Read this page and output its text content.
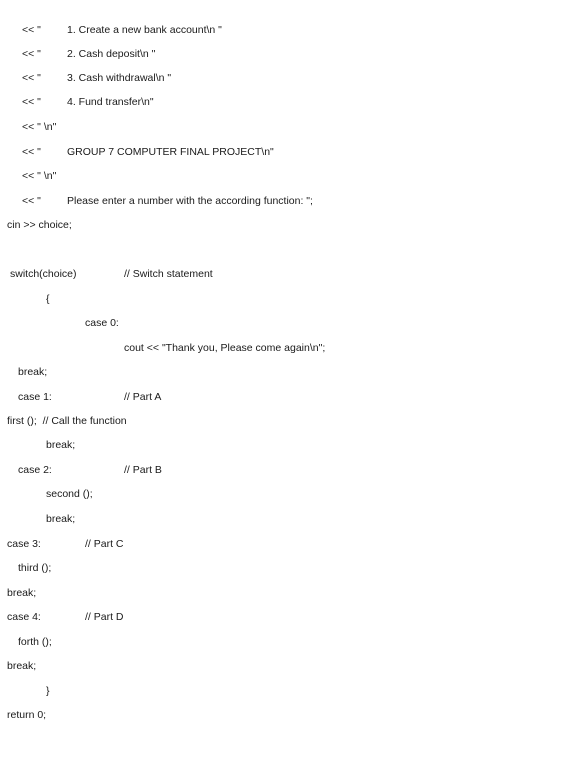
<< "

1. Create a new bank account\n "

<< "

2. Cash deposit\n "

<< "

3. Cash withdrawal\n "

<< "

4. Fund transfer\n"

<< " \n"

<< "

GROUP 7 COMPUTER FINAL PROJECT\n"

<< " \n"

<< "

Please enter a number with the according function: ";

cin >> choice;

switch(choice)

	// Switch statement

{

case 0:

cout << "Thank you, Please come again\n";

break;

case 1:

	// Part A

first ();  // Call the function

break;

case 2:

	// Part B

second ();

break;

case 3:

	// Part C

third ();

break;

case 4:

	// Part D

forth ();

break;

}

return 0;
